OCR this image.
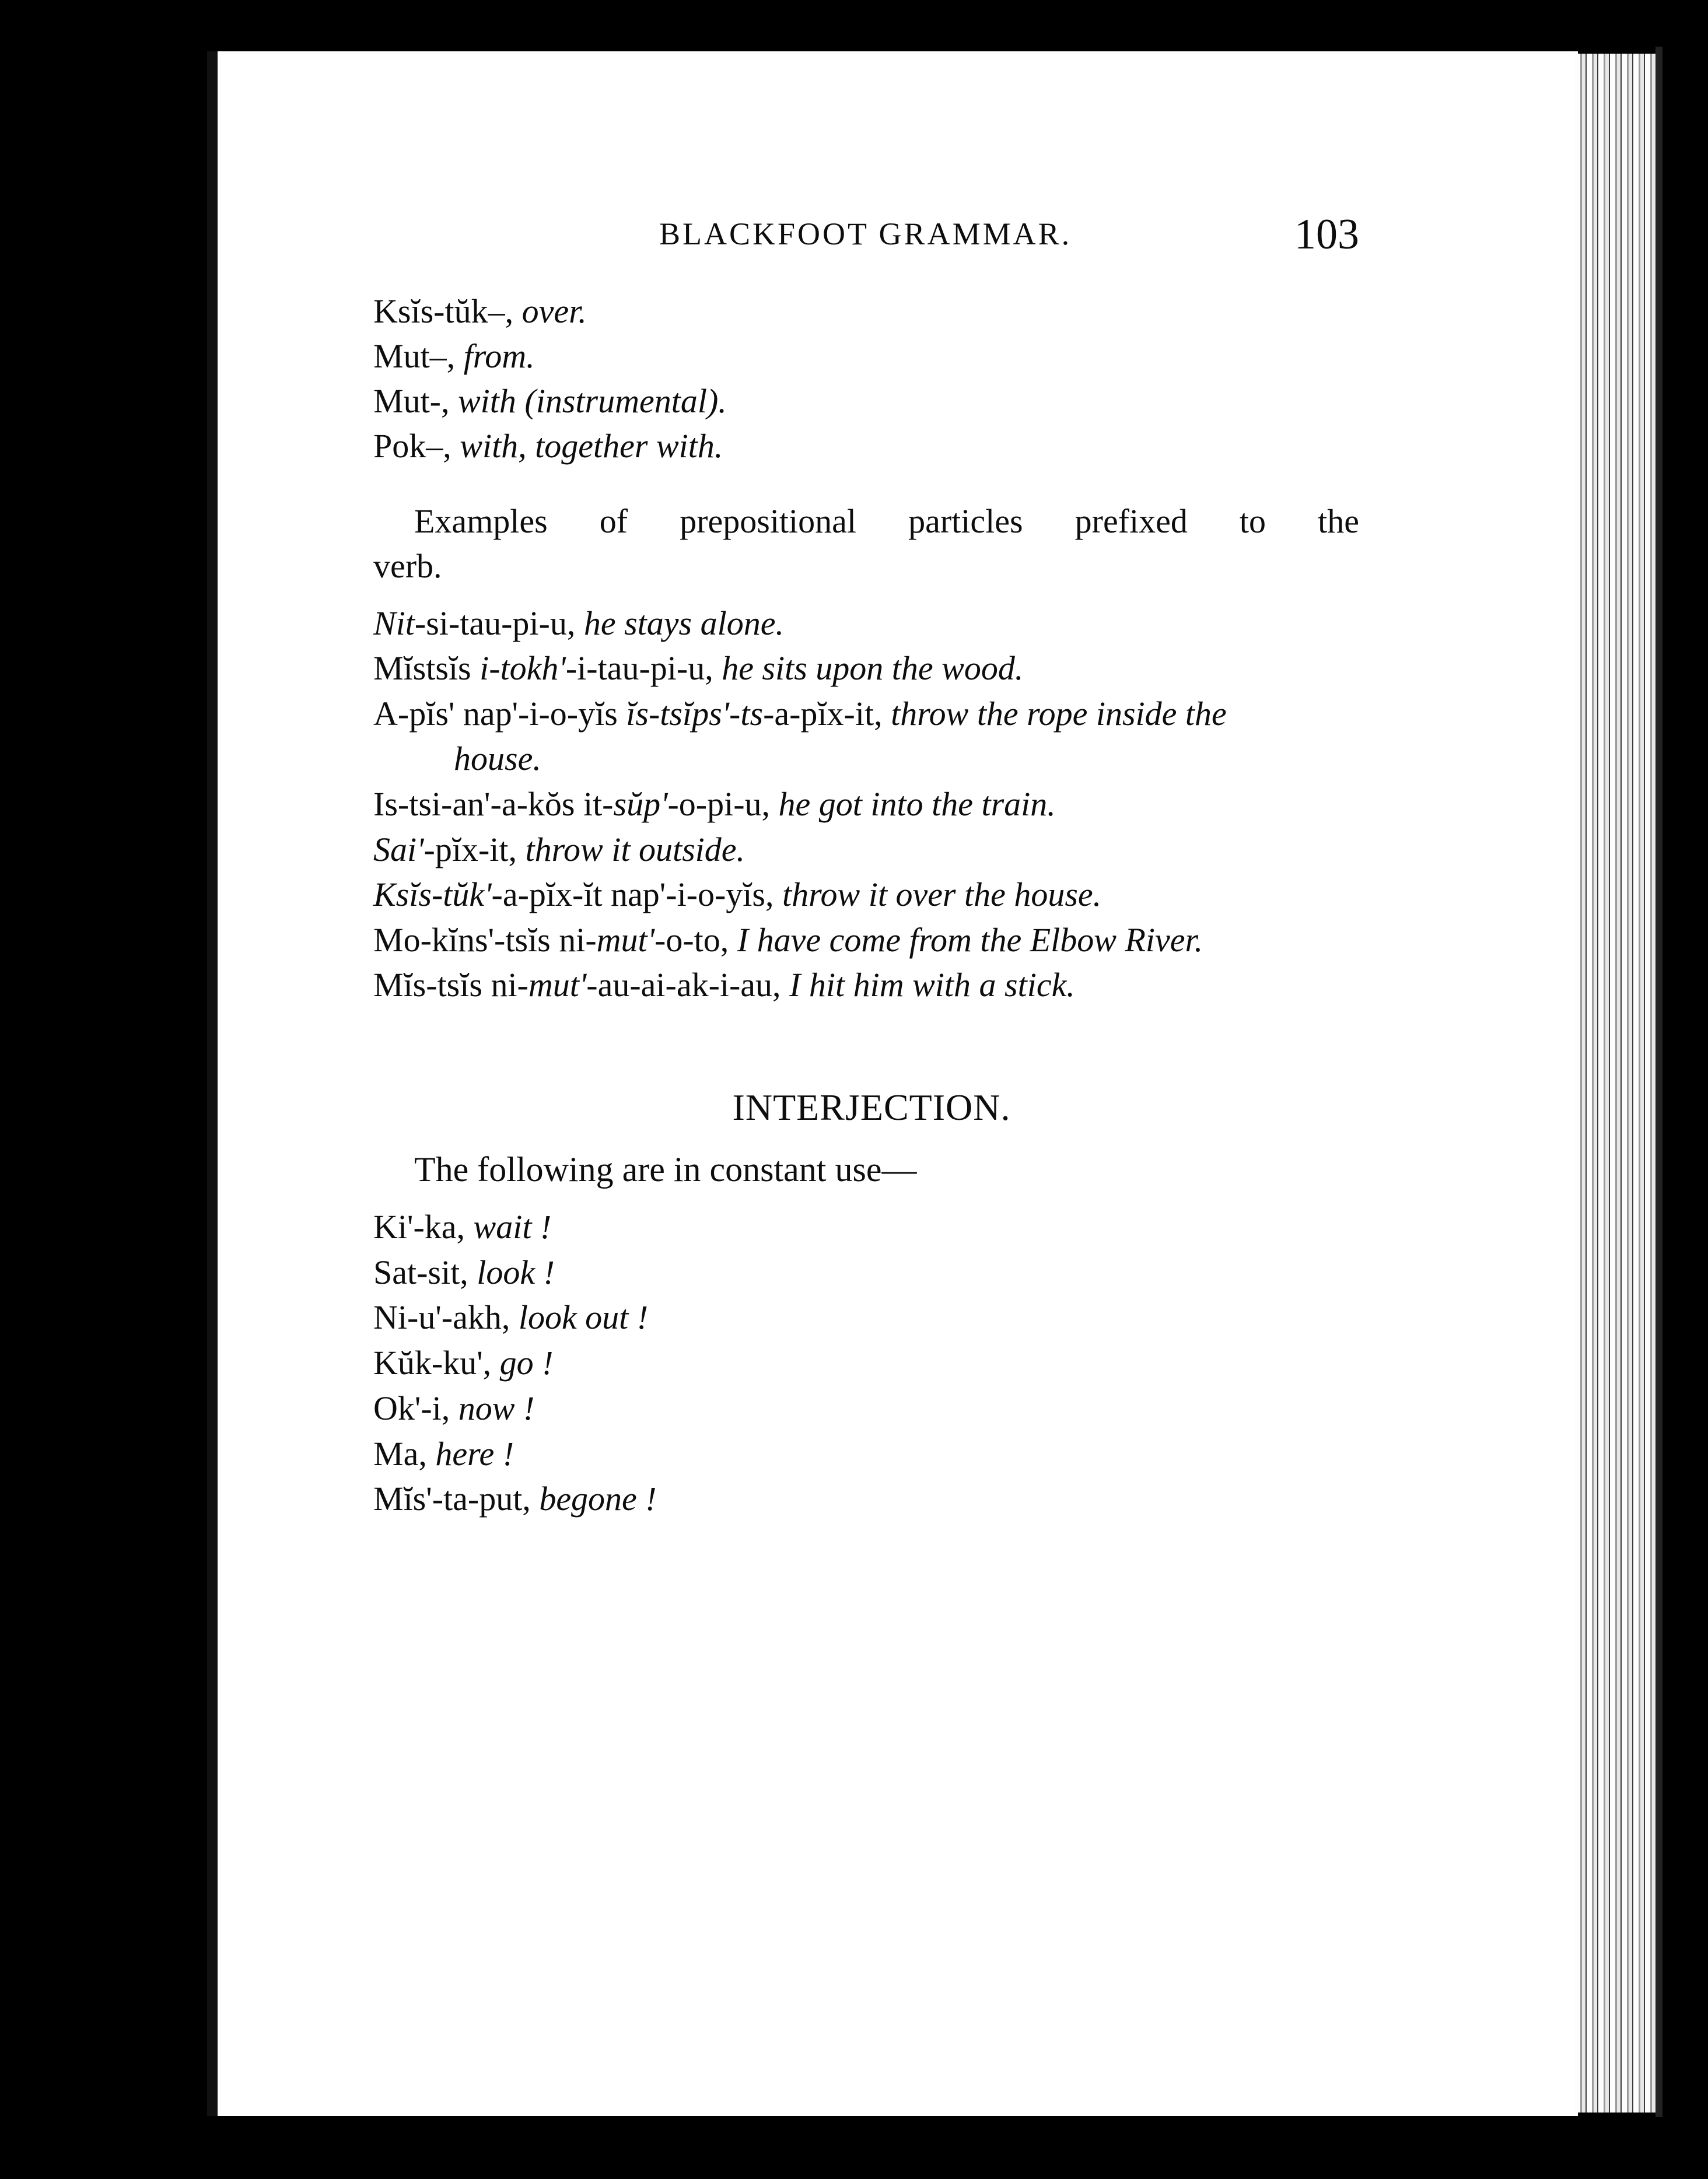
BLACKFOOT GRAMMAR.	103
Ksĭs-tŭk–, over.
Mut–, from.
Mut-, with (instrumental).
Pok–, with, together with.
Examples of prepositional particles prefixed to the
verb.
Nit-si-tau-pi-u, he stays alone.
Mĭstsĭs i-tokh'-i-tau-pi-u, he sits upon the wood.
A-pĭs' nap'-i-o-yĭs ĭs-tsĭps'-ts-a-pĭx-it, throw the rope inside the
house.
Is-tsi-an'-a-kŏs it-sŭp'-o-pi-u, he got into the train.
Sai'-pĭx-it, throw it outside.
Ksĭs-tŭk'-a-pĭx-ĭt nap'-i-o-yĭs, throw it over the house.
Mo-kĭns'-tsĭs ni-mut'-o-to, I have come from the Elbow River.
Mĭs-tsĭs ni-mut'-au-ai-ak-i-au, I hit him with a stick.
INTERJECTION.
The following are in constant use—
Ki'-ka, wait !
Sat-sit, look !
Ni-u'-akh, look out !
Kŭk-ku', go !
Ok'-i, now !
Ma, here !
Mĭs'-ta-put, begone !
